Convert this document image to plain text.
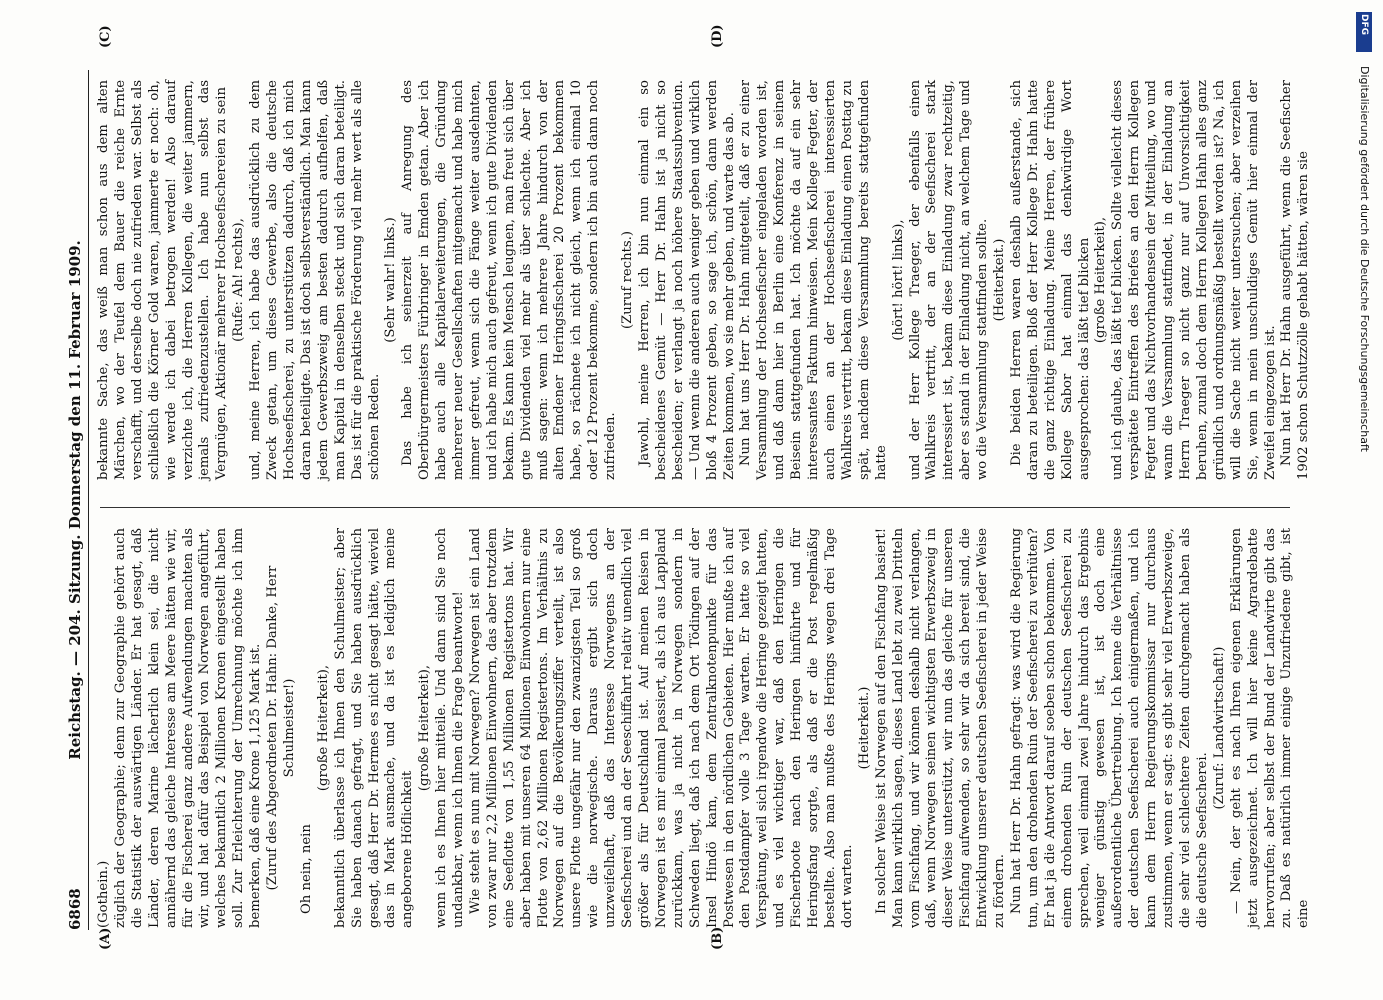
6868
Reichstag. — 204. Sitzung. Donnerstag den 11. Februar 1909.
(A)	(B)
(C)	(D)

(Gothein.) züglich der Geographie; denn zur Geographie gehört auch die Statistik der auswärtigen Länder. Er hat gesagt, daß Länder, deren Marine lächerlich klein sei, die nicht annähernd das gleiche Interesse am Meere hätten wie wir, für die Fischerei ganz andere Aufwendungen machten als wir, und hat dafür das Beispiel von Norwegen angeführt, welches bekanntlich 2 Millionen Kronen eingestellt haben soll. Zur Erleichterung der Umrechnung möchte ich ihm bemerken, daß eine Krone 1,125 Mark ist. (Zuruf des Abgeordneten Dr. Hahn: Danke, Herr Schulmeister!)

Oh nein, nein

(große Heiterkeit), bekanntlich überlasse ich Ihnen den Schulmeister; aber Sie haben danach gefragt, und Sie haben ausdrücklich gesagt, daß Herr Dr. Hermes es nicht gesagt hätte, wieviel das in Mark ausmache, und da ist es lediglich meine angeborene Höflichkeit

(große Heiterkeit), wenn ich es Ihnen hier mitteile. Und dann sind Sie noch undankbar, wenn ich Ihnen die Frage beantworte! Wie steht es nun mit Norwegen? Norwegen ist ein Land von zwar nur 2,2 Millionen Einwohnern, das aber trotzdem eine Seeflotte von 1,55 Millionen Registertons hat. Wir aber haben mit unseren 64 Millionen Einwohnern nur eine Flotte von 2,62 Millionen Registertons. Im Verhältnis zu Norwegen auf die Bevölkerungsziffer verteilt, ist also unsere Flotte ungefähr nur den zwanzigsten Teil so groß wie die norwegische. Daraus ergibt sich doch unzweifelhaft, daß das Interesse Norwegens an der Seefischerei und an der Seeschiffahrt relativ unendlich viel größer als für Deutschland ist. Auf meinen Reisen in Norwegen ist es mir einmal passiert, als ich aus Lappland zurückkam, was ja nicht in Norwegen sondern in Schweden liegt, daß ich nach dem Ort Tödingen auf der Insel Hindö kam, dem Zentralknotenpunkte für das Postwesen in den nördlichen Gebieten. Hier mußte ich auf den Postdampfer volle 3 Tage warten. Er hatte so viel Verspätung, weil sich irgendwo die Heringe gezeigt hatten, und es viel wichtiger war, daß den Heringen die Fischerboote nach den Heringen hinführte und für Heringsfang sorgte, als daß er die Post regelmäßig bestellte. Also man mußte des Herings wegen drei Tage dort warten.

(Heiterkeit.) In solcher Weise ist Norwegen auf den Fischfang basiert! Man kann wirklich sagen, dieses Land lebt zu zwei Dritteln vom Fischfang, und wir können deshalb nicht verlangen, daß, wenn Norwegen seinen wichtigsten Erwerbszweig in dieser Weise unterstützt, wir nun das gleiche für unseren Fischfang aufwenden, so sehr wir da sich bereit sind, die Entwicklung unserer deutschen Seefischerei in jeder Weise zu fördern. Nun hat Herr Dr. Hahn gefragt: was wird die Regierung tun, um den drohenden Ruin der Seefischerei zu verhüten? Er hat ja die Antwort darauf soeben schon bekommen. Von einem drohenden Ruin der deutschen Seefischerei zu sprechen, weil einmal zwei Jahre hindurch das Ergebnis weniger günstig gewesen ist, ist doch eine außerordentliche Übertreibung. Ich kenne die Verhältnisse der deutschen Seefischerei auch einigermaßen, und ich kann dem Herrn Regierungskommissar nur durchaus zustimmen, wenn er sagt: es gibt sehr viel Erwerbszweige, die sehr viel schlechtere Zeiten durchgemacht haben als die deutsche Seefischerei.

(Zuruf: Landwirtschaft!) — Nein, der geht es nach Ihren eigenen Erklärungen jetzt ausgezeichnet. Ich will hier keine Agrardebatte hervorrufen; aber selbst der Bund der Landwirte gibt das zu. Daß es natürlich immer einige Unzufriedene gibt, ist eine

bekannte Sache, das weiß man schon aus dem alten Märchen, wo der Teufel dem Bauer die reiche Ernte verschafft, und derselbe doch nie zufrieden war. Selbst als schließlich die Körner Gold waren, jammerte er noch: oh, wie werde ich dabei betrogen werden! Also darauf verzichte ich, die Herren Kollegen, die weiter jammern, jemals zufriedenzustellen. Ich habe nun selbst das Vergnügen, Aktionär mehrerer Hochseefischereien zu sein (Rufe: Ah! rechts), und, meine Herren, ich habe das ausdrücklich zu dem Zweck getan, um dieses Gewerbe, also die deutsche Hochseefischerei, zu unterstützen dadurch, daß ich mich daran beteiligte. Das ist doch selbstverständlich. Man kann jedem Gewerbszweig am besten dadurch aufhelfen, daß man Kapital in denselben steckt und sich daran beteiligt. Das ist für die praktische Förderung viel mehr wert als alle schönen Reden.

(Sehr wahr! links.) Das habe ich seinerzeit auf Anregung des Oberbürgermeisters Fürbringer in Emden getan. Aber ich habe auch alle Kapitalerweiterungen, die Gründung mehrerer neuer Gesellschaften mitgemacht und habe mich immer gefreut, wenn sich die Fänge weiter ausdehnten, und ich habe mich auch gefreut, wenn ich gute Dividenden bekam. Es kann kein Mensch leugnen, man freut sich über gute Dividenden viel mehr als über schlechte. Aber ich muß sagen: wenn ich mehrere Jahre hindurch von der alten Emdener Heringsfischerei 20 Prozent bekommen habe, so rächnete ich nicht gleich, wenn ich einmal 10 oder 12 Prozent bekomme, sondern ich bin auch dann noch zufrieden.

(Zuruf rechts.) Jawohl, meine Herren, ich bin nun einmal ein so bescheidenes Gemüt — Herr Dr. Hahn ist ja nicht so bescheiden; er verlangt ja noch höhere Staatssubvention. — Und wenn die anderen auch weniger geben und wirklich bloß 4 Prozent geben, so sage ich, schön, dann werden Zeiten kommen, wo sie mehr geben, und warte das ab. Nun hat uns Herr Dr. Hahn mitgeteilt, daß er zu einer Versammlung der Hochseefischer eingeladen worden ist, und daß dann hier in Berlin eine Konferenz in seinem Beisein stattgefunden hat. Ich möchte da auf ein sehr interessantes Faktum hinweisen. Mein Kollege Fegter, der auch einen an der Hochseefischerei interessierten Wahlkreis vertritt, bekam diese Einladung einen Posttag zu spät, nachdem diese Versammlung bereits stattgefunden hatte

(hört! hört! links), und der Herr Kollege Traeger, der ebenfalls einen Wahlkreis vertritt, der an der Seefischerei stark interessiert ist, bekam diese Einladung zwar rechtzeitig, aber es stand in der Einladung nicht, an welchem Tage und wo die Versammlung stattfinden sollte. (Heiterkeit.) Die beiden Herren waren deshalb außerstande, sich daran zu beteiligen. Bloß der Herr Kollege Dr. Hahn hatte die ganz richtige Einladung. Meine Herren, der frühere Kollege Sabor hat einmal das denkwürdige Wort ausgesprochen: das läßt tief blicken (große Heiterkeit), und ich glaube, das läßt tief blicken. Sollte vielleicht dieses verspätete Eintreffen des Briefes an den Herrn Kollegen Fegter und das Nichtvorhandensein der Mitteilung, wo und wann die Versammlung stattfindet, in der Einladung an Herrn Traeger so nicht ganz nur auf Unvorsichtigkeit beruhen, zumal doch dem Herrn Kollegen Hahn alles ganz gründlich und ordnungsmäßig bestellt worden ist? Na, ich will die Sache nicht weiter untersuchen; aber verzeihen Sie, wenn in mein unschuldiges Gemüt hier einmal der Zweifel eingezogen ist. Nun hat Herr Dr. Hahn ausgeführt, wenn die Seefischer 1902 schon Schutzzölle gehabt hätten, wären sie

DFG
Digitalisierung gefördert durch die Deutsche Forschungsgemeinschaft
